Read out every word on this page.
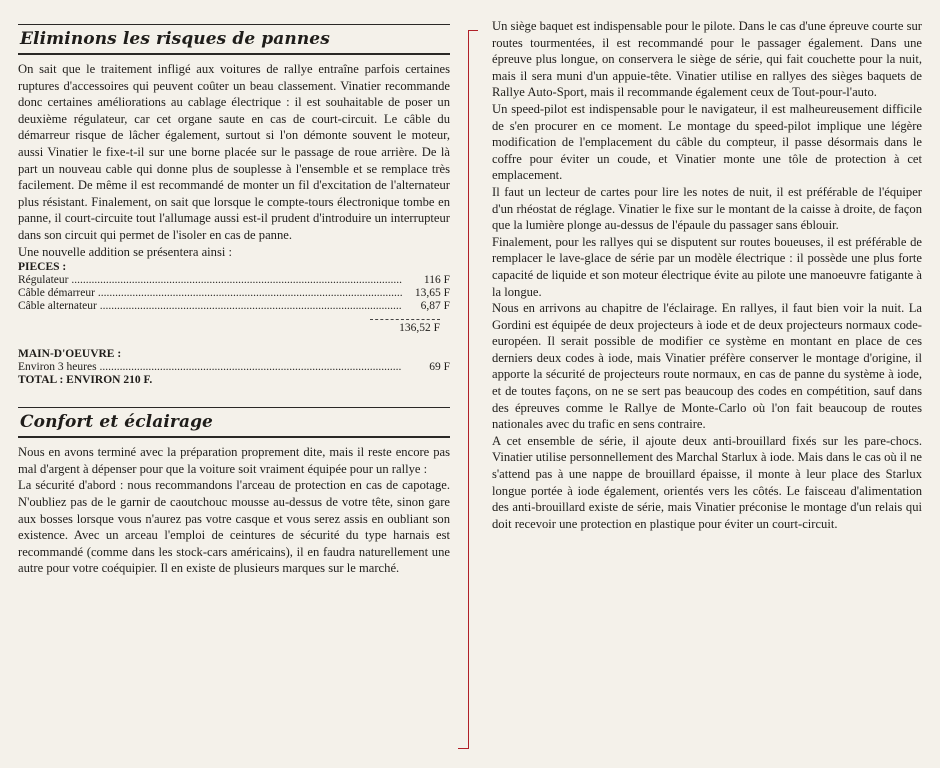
Eliminons les risques de pannes

On sait que le traitement infligé aux voitures de rallye entraîne parfois certaines ruptures d'accessoires qui peuvent coûter un beau classement. Vinatier recommande donc certaines améliorations au cablage électrique : il est souhaitable de poser un deuxième régulateur, car cet organe saute en cas de court-circuit. Le câble du démarreur risque de lâcher également, surtout si l'on démonte souvent le moteur, aussi Vinatier le fixe-t-il sur une borne placée sur le passage de roue arrière. De là part un nouveau cable qui donne plus de souplesse à l'ensemble et se remplace très facilement. De même il est recommandé de monter un fil d'excitation de l'alternateur plus résistant. Finalement, on sait que lorsque le compte-tours électronique tombe en panne, il court-circuite tout l'allumage aussi est-il prudent d'introduire un interrupteur dans son circuit qui permet de l'isoler en cas de panne.

Une nouvelle addition se présentera ainsi :

PIECES :
Régulateur .....	116 F
Câble démarreur .....	13,65 F
Câble alternateur .....	6,87 F
136,52 F
MAIN-D'OEUVRE :
Environ 3 heures .....	69 F
TOTAL : ENVIRON 210 F.
Confort et éclairage

Nous en avons terminé avec la préparation proprement dite, mais il reste encore pas mal d'argent à dépenser pour que la voiture soit vraiment équipée pour un rallye :

La sécurité d'abord : nous recommandons l'arceau de protection en cas de capotage. N'oubliez pas de le garnir de caoutchouc mousse au-dessus de votre tête, sinon gare aux bosses lorsque vous n'aurez pas votre casque et vous serez assis en oubliant son existence. Avec un arceau l'emploi de ceintures de sécurité du type harnais est recommandé (comme dans les stock-cars américains), il en faudra naturellement une autre pour votre coéquipier. Il en existe de plusieurs marques sur le marché.

Un siège baquet est indispensable pour le pilote. Dans le cas d'une épreuve courte sur routes tourmentées, il est recommandé pour le passager également. Dans une épreuve plus longue, on conservera le siège de série, qui fait couchette pour la nuit, mais il sera muni d'un appuie-tête. Vinatier utilise en rallyes des sièges baquets de Rallye Auto-Sport, mais il recommande également ceux de Tout-pour-l'auto.

Un speed-pilot est indispensable pour le navigateur, il est malheureusement difficile de s'en procurer en ce moment. Le montage du speed-pilot implique une légère modification de l'emplacement du câble du compteur, il passe désormais dans le coffre pour éviter un coude, et Vinatier monte une tôle de protection à cet emplacement.

Il faut un lecteur de cartes pour lire les notes de nuit, il est préférable de l'équiper d'un rhéostat de réglage. Vinatier le fixe sur le montant de la caisse à droite, de façon que la lumière plonge au-dessus de l'épaule du passager sans éblouir.

Finalement, pour les rallyes qui se disputent sur routes boueuses, il est préférable de remplacer le lave-glace de série par un modèle électrique : il possède une plus forte capacité de liquide et son moteur électrique évite au pilote une manoeuvre fatigante à la longue.

Nous en arrivons au chapitre de l'éclairage. En rallyes, il faut bien voir la nuit. La Gordini est équipée de deux projecteurs à iode et de deux projecteurs normaux code-européen. Il serait possible de modifier ce système en montant en place de ces derniers deux codes à iode, mais Vinatier préfère conserver le montage d'origine, il apporte la sécurité de projecteurs route normaux, en cas de panne du système à iode, et de toutes façons, on ne se sert pas beaucoup des codes en compétition, sauf dans des épreuves comme le Rallye de Monte-Carlo où l'on fait beaucoup de routes nationales avec du trafic en sens contraire.

A cet ensemble de série, il ajoute deux anti-brouillard fixés sur les pare-chocs. Vinatier utilise personnellement des Marchal Starlux à iode. Mais dans le cas où il ne s'attend pas à une nappe de brouillard épaisse, il monte à leur place des Starlux longue portée à iode également, orientés vers les côtés. Le faisceau d'alimentation des anti-brouillard existe de série, mais Vinatier préconise le montage d'un relais qui doit recevoir une protection en plastique pour éviter un court-circuit.
